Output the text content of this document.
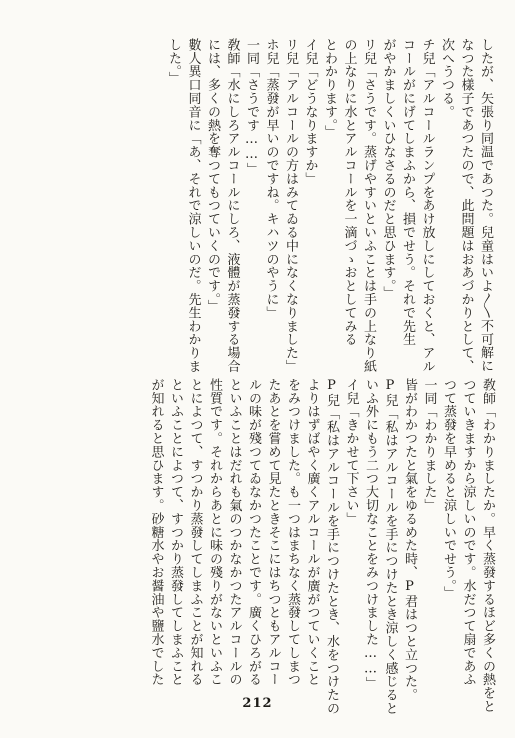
したが、矢張り同温であつた。兒童はいよ〳〵不可解に
なつた樣子であつたので、此問題はおあづかりとして、
次へうつる。
チ兒「アルコールランプをあけ放しにしておくと、アル
コールがにげてしまふから、損でせう。それで先生
がやかましくいひなさるのだと思ひます。」
リ兒「さうです。蒸げやすいといふことは手の上なり紙
の上なりに水とアルコールを一滴づゝおとしてみる
とわかります。」
イ兒「どうなりますか」
リ兒「アルコールの方はみてゐる中になくなりました」
ホ兒「蒸發が早いのですね。キハツのやうに」
一同「さうです……」
敎師「水にしろアルコールにしろ、液體が蒸發する場合
には、多くの熱を奪つてもつていくのです。」
數人異口同音に「あ、それで涼しいのだ。先生わかりま
した。」
敎師「わかりましたか。早く蒸發するほど多くの熱をと
つていきますから涼しいのです。水だつて扇であふ
つて蒸發を早めると涼しいでせう。」
一同「わかりました」
皆がわかつたと氣をゆるめた時、P君はつと立つた。
P兒「私はアルコールを手につけたとき涼しく感じると
いふ外にもう二つ大切なことをみつけました……」
イ兒「きかせて下さい」
P兒「私はアルコールを手につけたとき、水をつけたの
よりはずばやく廣くアルコールが廣がつていくこと
をみつけました。も一つはまちなく蒸發してしまつ
たあとを嘗めて見たときそこにはちつともアルコー
ルの味が殘つてゐなかつたことです。廣くひろがる
といふことはだれも氣のつかなかつたアルコールの
性質です。それからあとに味の殘りがないといふこ
とによつて、すつかり蒸發してしまふことが知れる
といふことによつて、すつかり蒸發してしまふこと
が知れると思ひます。砂糖水やお醤油や鹽水でした
212
